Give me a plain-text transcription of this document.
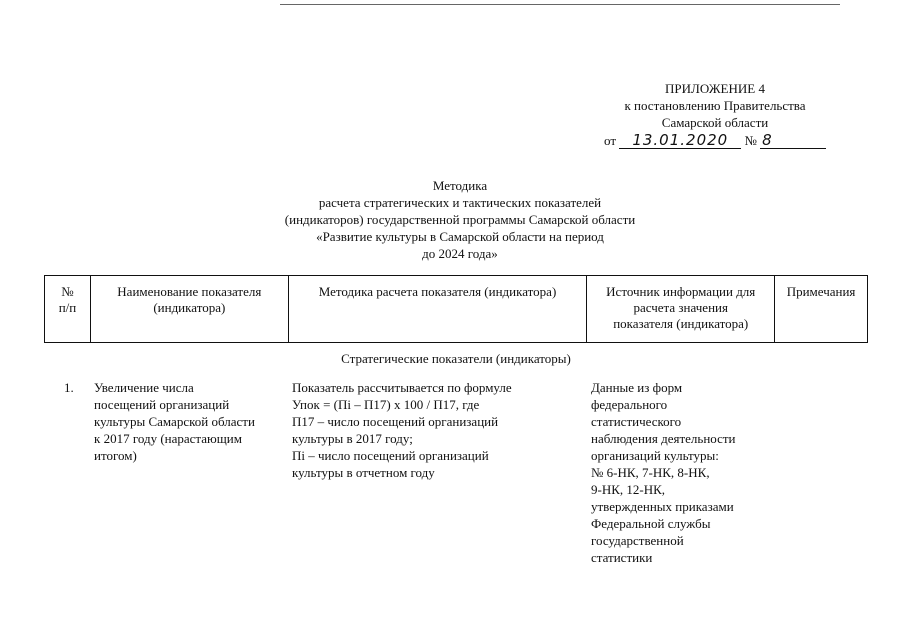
ПРИЛОЖЕНИЕ 4
к постановлению Правительства
Самарской области
от 13.01.2020 № 8
Методика
расчета стратегических и тактических показателей
(индикаторов) государственной программы Самарской области
«Развитие культуры в Самарской области на период
до 2024 года»
№
п/п
Наименование показателя
(индикатора)
Методика расчета показателя (индикатора)	Источник информации для
расчета значения
показателя (индикатора)
Примечания
Стратегические показатели (индикаторы)
1.	Увеличение числа
посещений организаций
культуры Самарской области
к 2017 году (нарастающим
итогом)
Показатель рассчитывается по формуле
Упок = (Пi – П17) х 100 / П17, где
П17 – число посещений организаций
культуры в 2017 году;
Пi – число посещений организаций
культуры в отчетном году
Данные из форм
федерального
статистического
наблюдения деятельности
организаций культуры:
№ 6-НК, 7-НК, 8-НК,
9-НК, 12-НК,
утвержденных приказами
Федеральной службы
государственной
статистики
